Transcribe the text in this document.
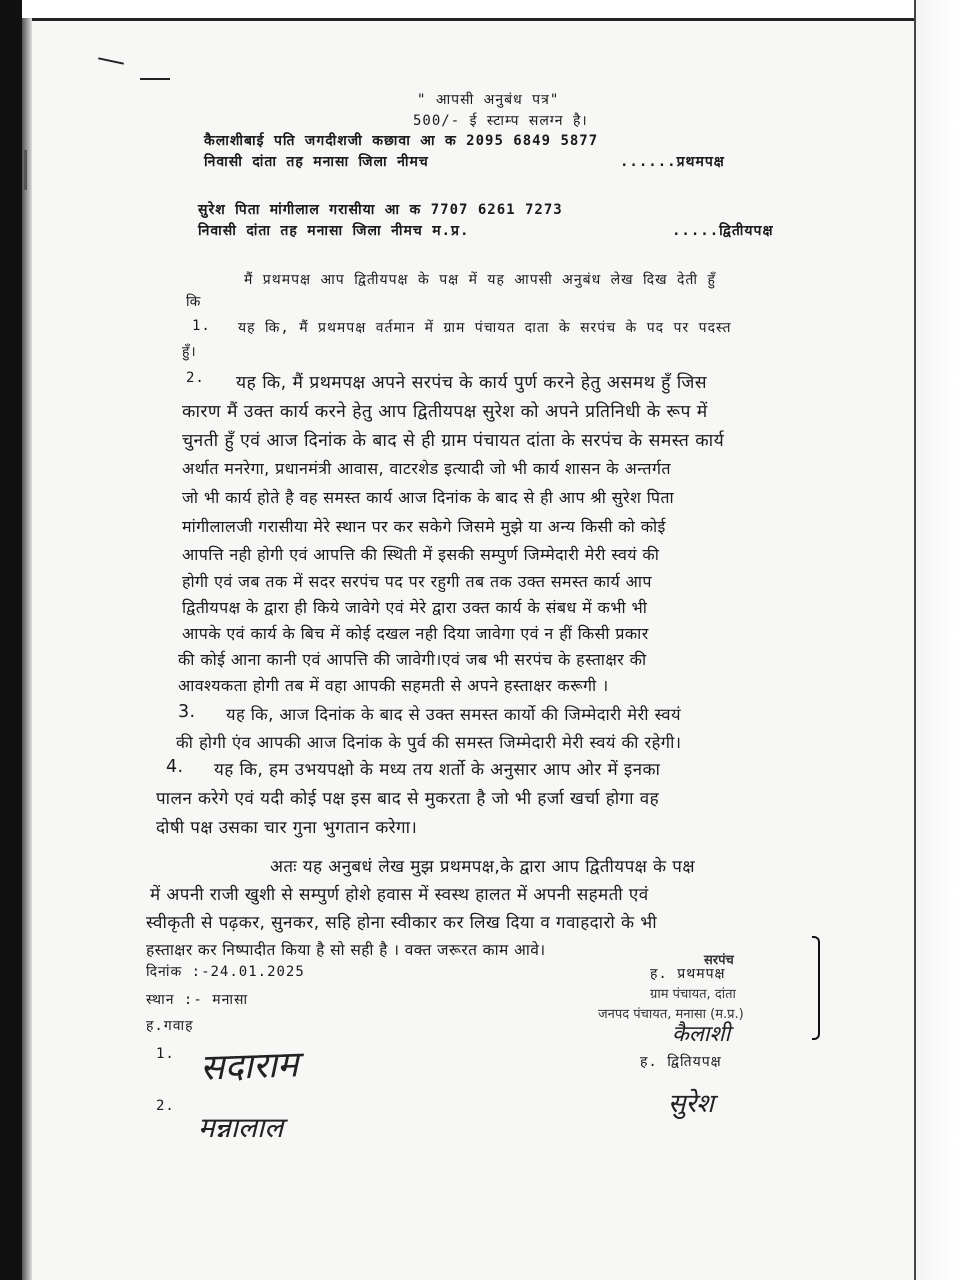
" आपसी अनुबंध पत्र"
500/- ई स्टाम्प सलग्न है।
कैलाशीबाई पति जगदीशजी कछावा आ क 2095 6849 5877
निवासी दांता तह मनासा जिला नीमच	......प्रथमपक्ष
सुरेश पिता मांगीलाल गरासीया आ क 7707 6261 7273
निवासी दांता तह मनासा जिला नीमच म.प्र.	.....द्वितीयपक्ष
मैं प्रथमपक्ष आप द्वितीयपक्ष के पक्ष में यह आपसी अनुबंध लेख दिख देती हुँ
कि
1. यह कि, मैं प्रथमपक्ष वर्तमान में ग्राम पंचायत दाता के सरपंच के पद पर पदस्त
हुँ।
2. यह कि, मैं प्रथमपक्ष अपने सरपंच के कार्य पुर्ण करने हेतु असमथ हुँ जिस
कारण मैं उक्त कार्य करने हेतु आप द्वितीयपक्ष सुरेश को अपने प्रतिनिधी के रूप में
चुनती हुँ एवं आज दिनांक के बाद से ही ग्राम पंचायत दांता के सरपंच के समस्त कार्य
अर्थात मनरेगा, प्रधानमंत्री आवास, वाटरशेड इत्यादी जो भी कार्य शासन के अन्तर्गत
जो भी कार्य होते है वह समस्त कार्य आज दिनांक के बाद से ही आप श्री सुरेश पिता
मांगीलालजी गरासीया मेरे स्थान पर कर सकेगे जिसमे मुझे या अन्य किसी को कोई
आपत्ति नही होगी एवं आपत्ति की स्थिती में इसकी सम्पुर्ण जिम्मेदारी मेरी स्वयं की
होगी एवं जब तक में सदर सरपंच पद पर रहुगी तब तक उक्त समस्त कार्य आप
द्वितीयपक्ष के द्वारा ही किये जावेगे एवं मेरे द्वारा उक्त कार्य के संबध में कभी भी
आपके एवं कार्य के बिच में कोई दखल नही दिया जावेगा एवं न हीं किसी प्रकार
की कोई आना कानी एवं आपत्ति की जावेगी।एवं जब भी सरपंच के हस्ताक्षर की
आवश्यकता होगी तब में वहा आपकी सहमती से अपने हस्ताक्षर करूगी ।
3. यह कि, आज दिनांक के बाद से उक्त समस्त कार्यो की जिम्मेदारी मेरी स्वयं
की होगी एंव आपकी आज दिनांक के पुर्व की समस्त जिम्मेदारी मेरी स्वयं की रहेगी।
4. यह कि, हम उभयपक्षो के मध्य तय शर्तो के अनुसार आप ओर में इनका
पालन करेगे एवं यदी कोई पक्ष इस बाद से मुकरता है जो भी हर्जा खर्चा होगा वह
दोषी पक्ष उसका चार गुना भुगतान करेगा।
अतः यह अनुबधं लेख मुझ प्रथमपक्ष,के द्वारा आप द्वितीयपक्ष के पक्ष
में अपनी राजी खुशी से सम्पुर्ण होशे हवास में स्वस्थ हालत में अपनी सहमती एवं
स्वीकृती से पढ़कर, सुनकर, सहि होना स्वीकार कर लिख दिया व गवाहदारो के भी
हस्ताक्षर कर निष्पादीत किया है सो सही है । वक्त जरूरत काम आवे।
दिनांक :-24.01.2025
स्थान :- मनासा
ह.गवाह
1. सदाराम
2.
मन्नालाल
ह. प्रथमपक्ष
सरपंच
ग्राम पंचायत, दांता
जनपद पंचायत, मनासा (म.प्र.)
कैलाशी
ह. द्वितियपक्ष
सुरेश
